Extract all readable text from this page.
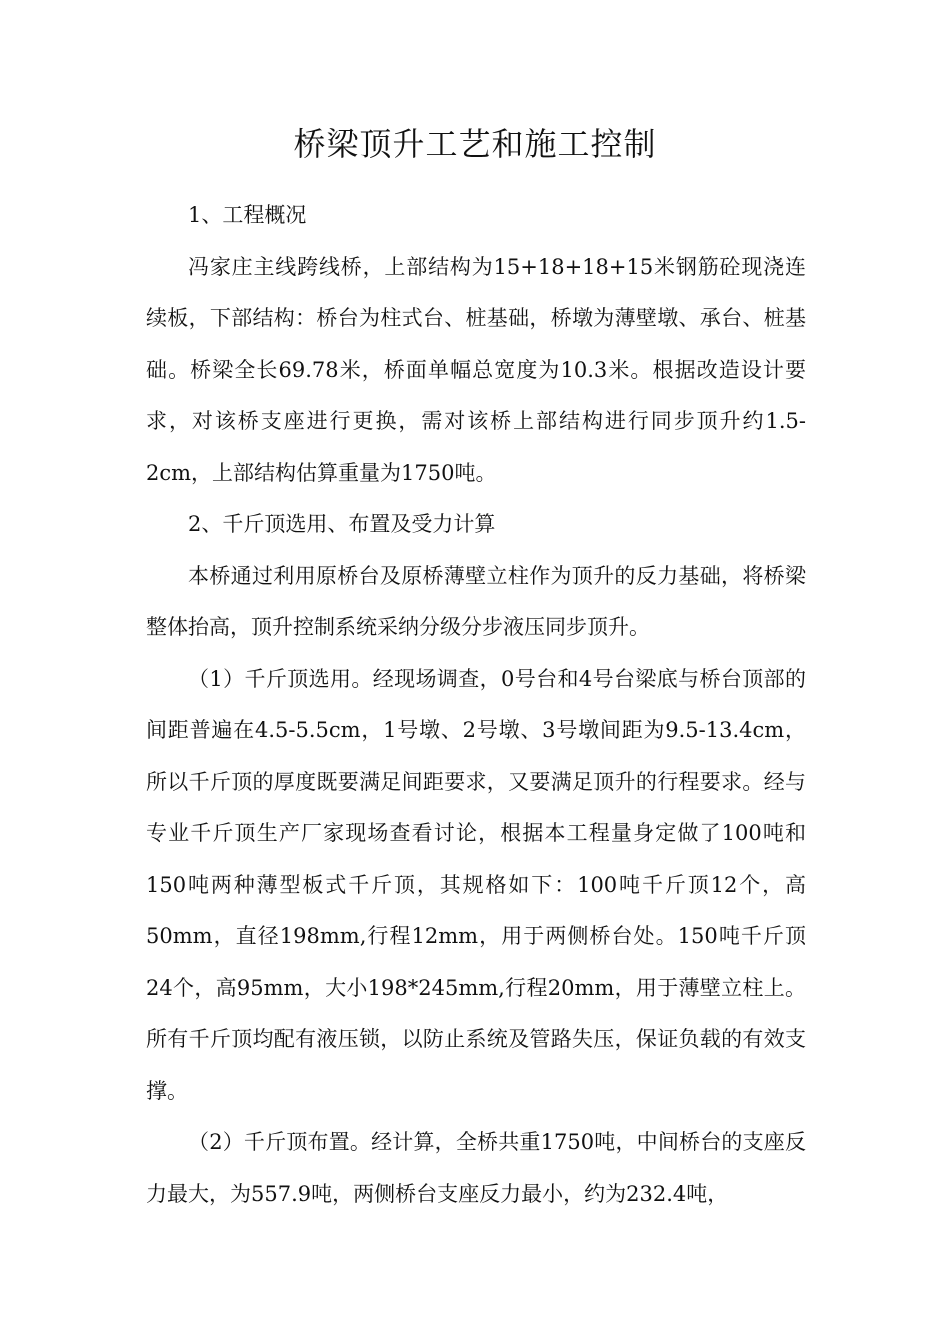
桥梁顶升工艺和施工控制

1、工程概况

冯家庄主线跨线桥，上部结构为15+18+18+15米钢筋砼现浇连续板，下部结构：桥台为柱式台、桩基础，桥墩为薄壁墩、承台、桩基础。桥梁全长69.78米，桥面单幅总宽度为10.3米。根据改造设计要求，对该桥支座进行更换，需对该桥上部结构进行同步顶升约1.5-2cm，上部结构估算重量为1750吨。

2、千斤顶选用、布置及受力计算

本桥通过利用原桥台及原桥薄壁立柱作为顶升的反力基础，将桥梁整体抬高，顶升控制系统采纳分级分步液压同步顶升。

（1）千斤顶选用。经现场调查，0号台和4号台梁底与桥台顶部的间距普遍在4.5-5.5cm，1号墩、2号墩、3号墩间距为9.5-13.4cm，所以千斤顶的厚度既要满足间距要求，又要满足顶升的行程要求。经与专业千斤顶生产厂家现场查看讨论，根据本工程量身定做了100吨和150吨两种薄型板式千斤顶，其规格如下：100吨千斤顶12个，高50mm，直径198mm,行程12mm，用于两侧桥台处。150吨千斤顶24个，高95mm，大小198*245mm,行程20mm，用于薄壁立柱上。所有千斤顶均配有液压锁，以防止系统及管路失压，保证负载的有效支撑。

（2）千斤顶布置。经计算，全桥共重1750吨，中间桥台的支座反力最大，为557.9吨，两侧桥台支座反力最小，约为232.4吨，
